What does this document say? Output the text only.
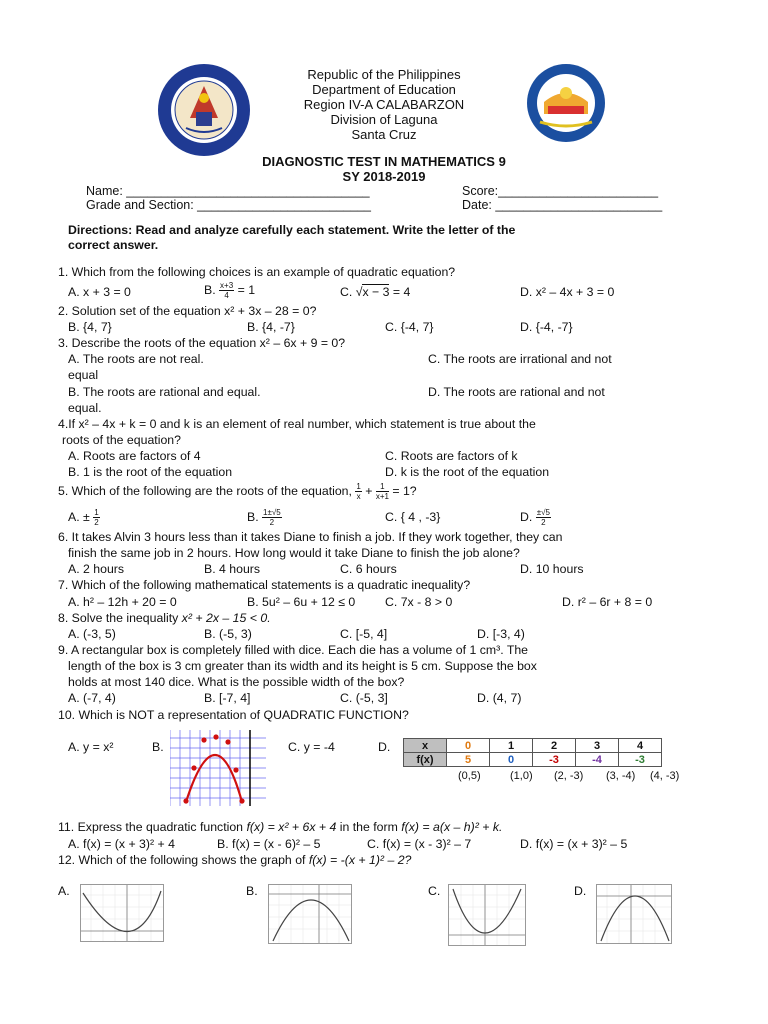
Republic of the Philippines
Department of Education
Region IV-A CALABARZON
Division of Laguna
Santa Cruz
DIAGNOSTIC TEST IN MATHEMATICS 9
SY 2018-2019
Name: ___________________________________	Score:_______________________
Grade and Section: _________________________	Date: ________________________
Directions: Read and analyze carefully each statement. Write the letter of the
correct answer.
1. Which from the following choices is an example of quadratic equation?
A. x + 3 = 0	B. $\frac{x+3}{4} = 1$	C. √x − 3 = 4	D. x² – 4x + 3 = 0
2. Solution set of the equation x² + 3x – 28 = 0?
B. {4, 7}	B. {4, -7}	C. {-4, 7}	D. {-4, -7}
3. Describe the roots of the equation x² – 6x + 9 = 0?
A. The roots are not real.	C. The roots are irrational and not
equal
B. The roots are rational and equal.	D. The roots are rational and not
equal.
4.If x² – 4x + k = 0 and k is an element of real number, which statement is true about the
roots of the equation?
A. Roots are factors of 4	C. Roots are factors of k
B. 1 is the root of the equation	D. k is the root of the equation
5. Which of the following are the roots of the equation, $\frac{1}{x} + \frac{1}{x+1} = 1$?
A. ± $\frac{1}{2}$	B. $\frac{1\pm√5}{2}$	C. { 4 , -3}	D. $\frac{\pm√5}{2}$
6. It takes Alvin 3 hours less than it takes Diane to finish a job. If they work together, they can
finish the same job in 2 hours. How long would it take Diane to finish the job alone?
A. 2 hours	B. 4 hours	C. 6 hours	D. 10 hours
7. Which of the following mathematical statements is a quadratic inequality?
A. h² – 12h + 20 = 0	B. 5u² – 6u + 12 ≤ 0 C. 7x - 8 > 0	D. r² – 6r + 8 = 0
8. Solve the inequality x² + 2x – 15 < 0.
A. (-3, 5)	B. (-5, 3)	C. [-5, 4]	D. [-3, 4)
9. A rectangular box is completely filled with dice. Each die has a volume of 1 cm³. The
length of the box is 3 cm greater than its width and its height is 5 cm. Suppose the box
holds at most 140 dice. What is the possible width of the box?
A. (-7, 4)	B. [-7, 4]	C. (-5, 3]	D. (4, 7)
10. Which is NOT a representation of QUADRATIC FUNCTION?
A. y = x²	B.	C. y = -4	D.	x	0	1	2	3	4
f(x)	5	0	-3	-4	-3
(0,5)	(1,0) (2, -3) (3, -4) (4, -3)
11. Express the quadratic function f(x) = x² + 6x + 4 in the form f(x) = a(x – h)² + k.
A. f(x) = (x + 3)² + 4	B. f(x) = (x - 6)² – 5	C. f(x) = (x - 3)² – 7	D. f(x) = (x + 3)² – 5
12. Which of the following shows the graph of f(x) = -(x + 1)² – 2?
A.	B.	C.	D.
